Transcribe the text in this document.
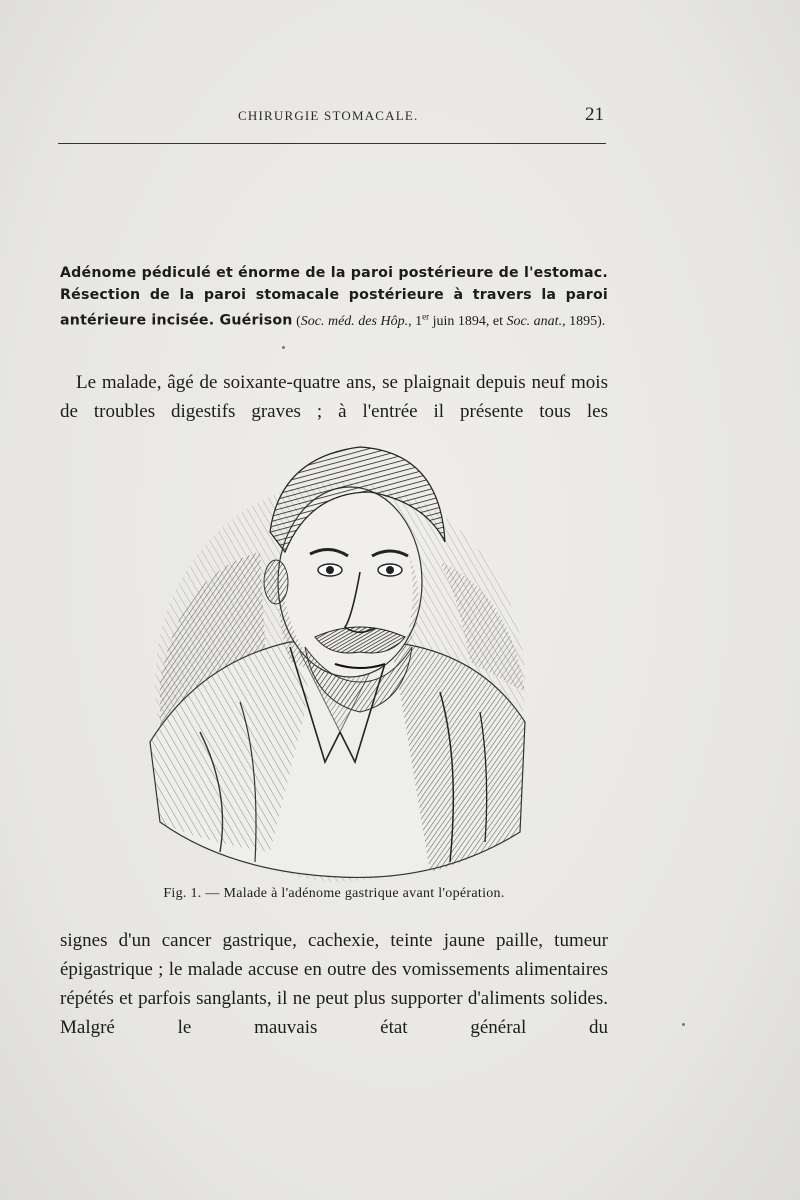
CHIRURGIE STOMACALE.	21
Adénome pédiculé et énorme de la paroi postérieure de l'estomac. Résection de la paroi stomacale postérieure à travers la paroi antérieure incisée. Guérison (Soc. méd. des Hôp., 1er juin 1894, et Soc. anat., 1895).
Le malade, âgé de soixante-quatre ans, se plaignait depuis neuf mois de troubles digestifs graves ; à l'entrée il présente tous les
Fig. 1. — Malade à l'adénome gastrique avant l'opération.
signes d'un cancer gastrique, cachexie, teinte jaune paille, tumeur épigastrique ; le malade accuse en outre des vomissements alimentaires répétés et parfois sanglants, il ne peut plus supporter d'aliments solides. Malgré le mauvais état général du
